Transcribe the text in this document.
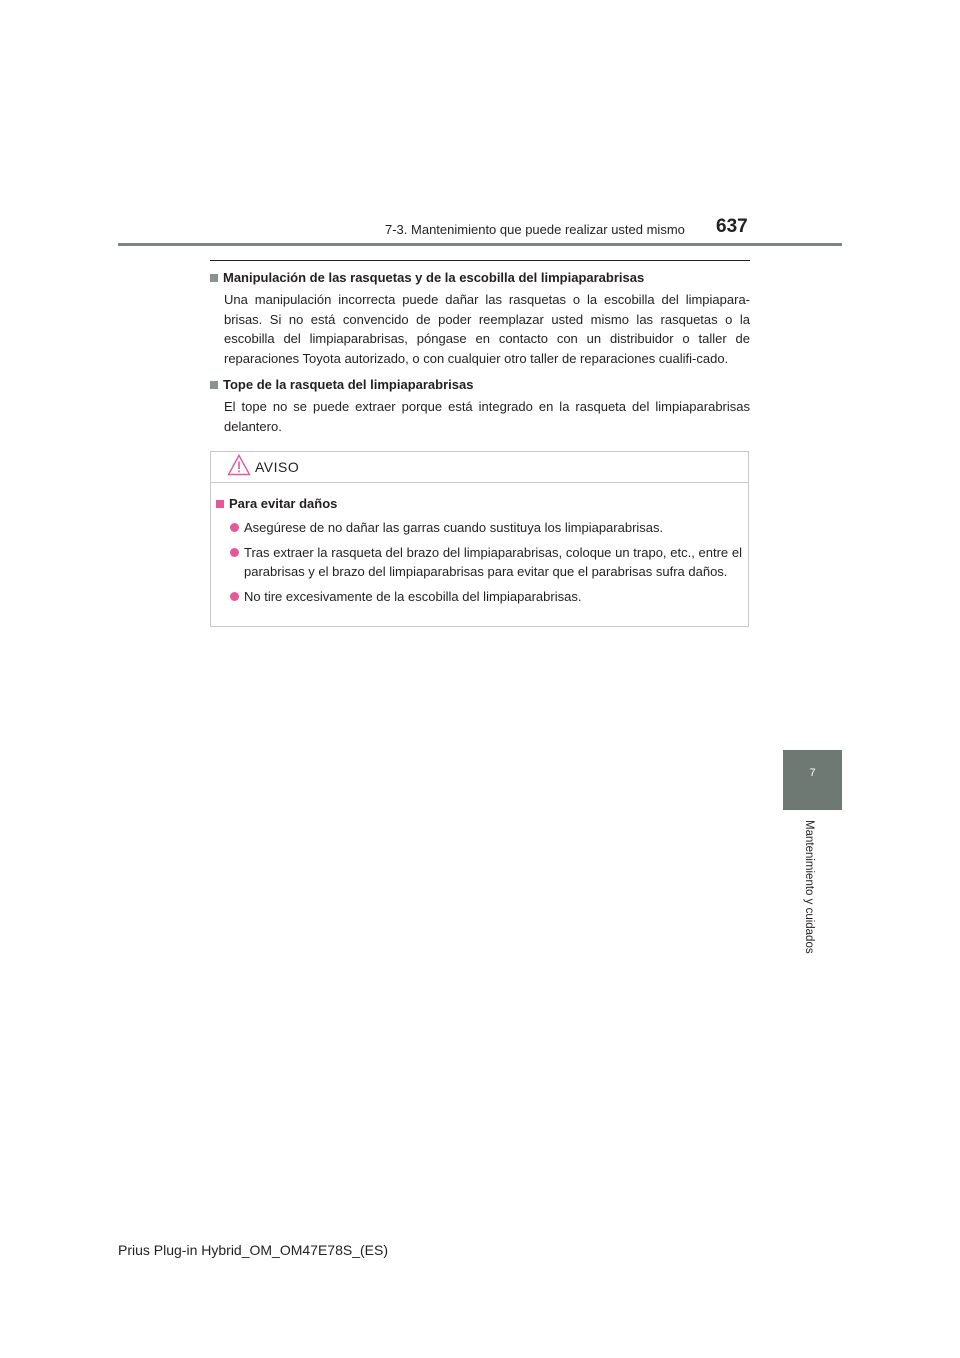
7-3. Mantenimiento que puede realizar usted mismo	637
7
Mantenimiento y cuidados
Manipulación de las rasquetas y de la escobilla del limpiaparabrisas
Una manipulación incorrecta puede dañar las rasquetas o la escobilla del limpiapara-brisas. Si no está convencido de poder reemplazar usted mismo las rasquetas o la escobilla del limpiaparabrisas, póngase en contacto con un distribuidor o taller de reparaciones Toyota autorizado, o con cualquier otro taller de reparaciones cualifi-cado.
Tope de la rasqueta del limpiaparabrisas
El tope no se puede extraer porque está integrado en la rasqueta del limpiaparabrisas delantero.
AVISO
Para evitar daños
Asegúrese de no dañar las garras cuando sustituya los limpiaparabrisas.
Tras extraer la rasqueta del brazo del limpiaparabrisas, coloque un trapo, etc., entre el parabrisas y el brazo del limpiaparabrisas para evitar que el parabrisas sufra daños.
No tire excesivamente de la escobilla del limpiaparabrisas.
Prius Plug-in Hybrid_OM_OM47E78S_(ES)
